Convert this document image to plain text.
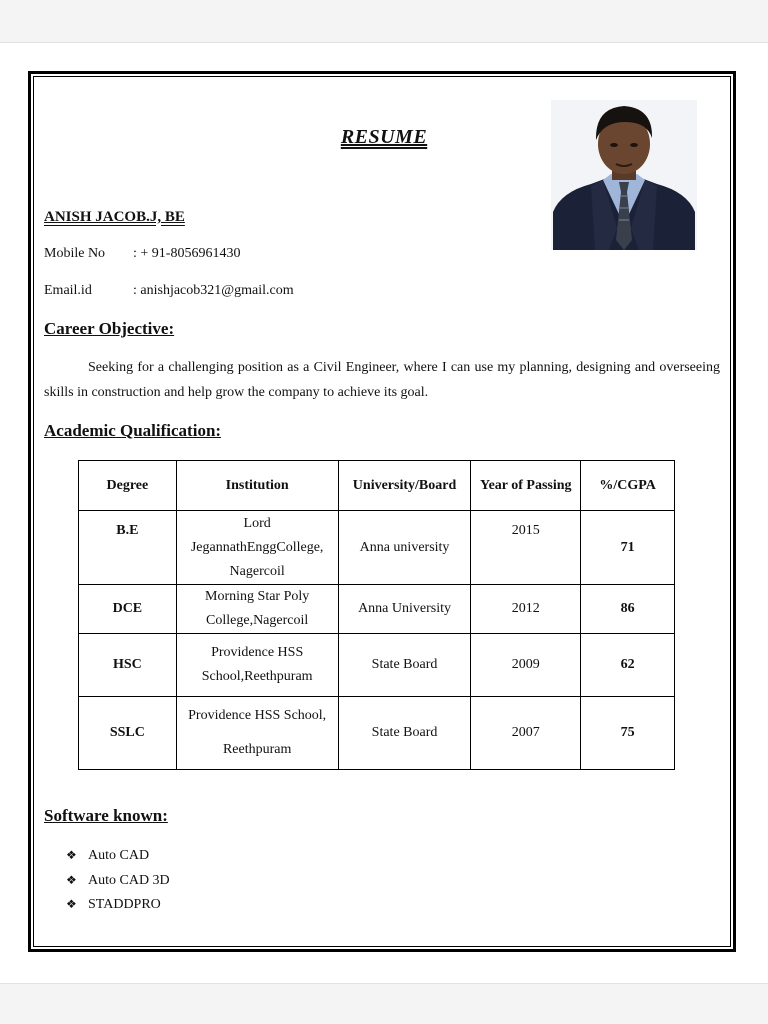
RESUME
ANISH JACOB.J, BE
Mobile No : + 91-8056961430
Email.id	: anishjacob321@gmail.com
Career Objective:
Seeking for a challenging position as a Civil Engineer, where I can use my planning, designing and overseeing skills in construction and help grow the company to achieve its goal.
Academic Qualification:
Degree	Institution	University/Board	Year of Passing	%/CGPA
B.E	Lord JegannathEnggCollege, Nagercoil	Anna university	2015	71
DCE	Morning Star Poly College,Nagercoil	Anna University	2012	86
HSC	Providence HSS School,Reethpuram	State Board	2009	62
SSLC	Providence HSS School, Reethpuram	State Board	2007	75
Software known:
❖ Auto CAD
❖ Auto CAD 3D
❖ STADDPRO
